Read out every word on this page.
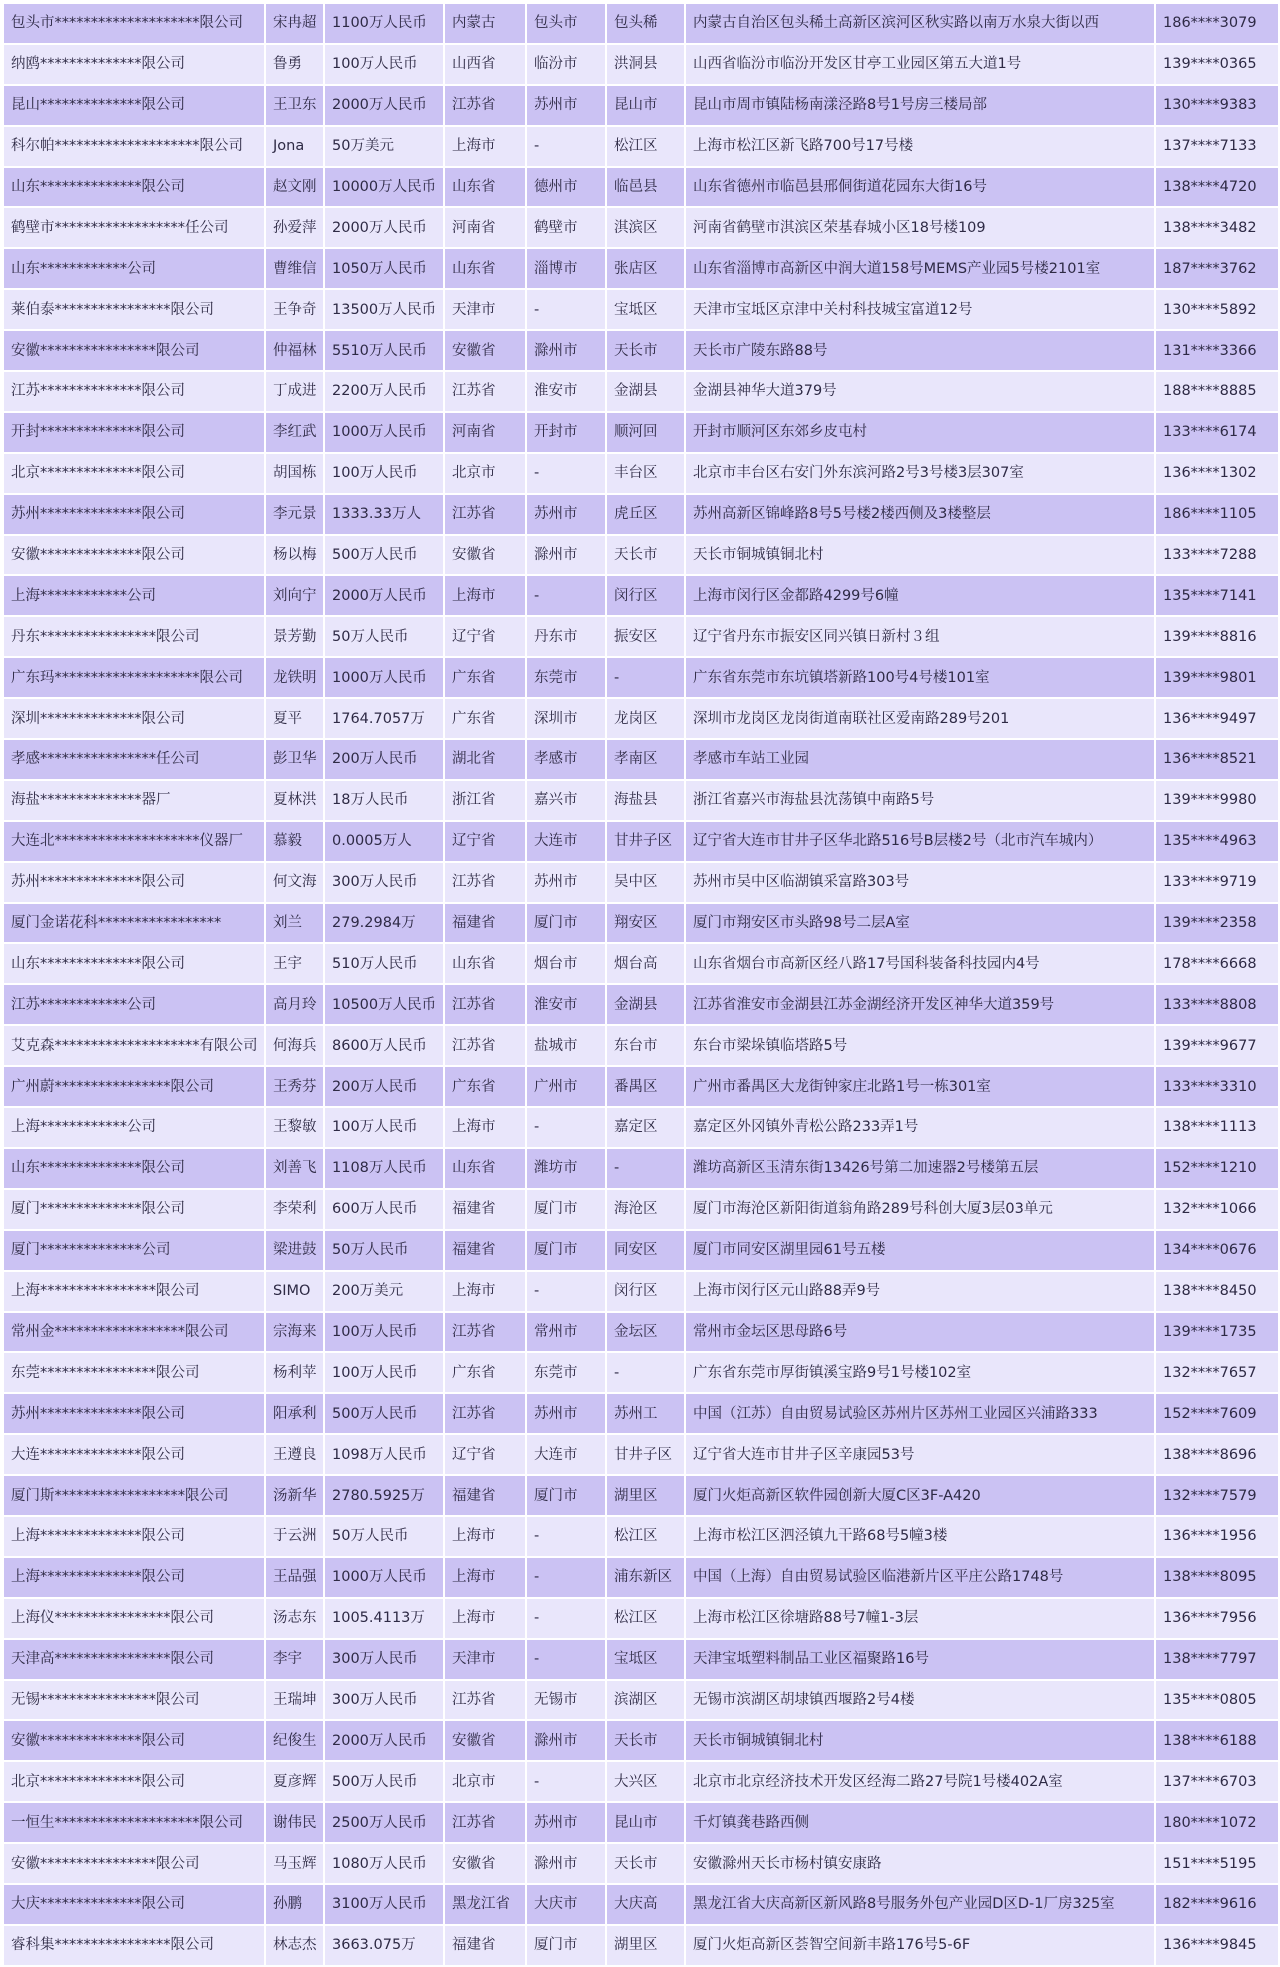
包头市********************限公司	宋冉超	1100万人民币	内蒙古	包头市	包头稀	内蒙古自治区包头稀土高新区滨河区秋实路以南万水泉大街以西	186****3079
纳鸥**************限公司	鲁勇	100万人民币	山西省	临汾市	洪洞县	山西省临汾市临汾开发区甘亭工业园区第五大道1号	139****0365
昆山**************限公司	王卫东	2000万人民币	江苏省	苏州市	昆山市	昆山市周市镇陆杨南漾泾路8号1号房三楼局部	130****9383
科尔帕********************限公司	Jona	50万美元	上海市	-	松江区	上海市松江区新飞路700号17号楼	137****7133
山东**************限公司	赵文刚	10000万人民币	山东省	德州市	临邑县	山东省德州市临邑县邢侗街道花园东大街16号	138****4720
鹤壁市******************任公司	孙爱萍	2000万人民币	河南省	鹤壁市	淇滨区	河南省鹤壁市淇滨区荣基春城小区18号楼109	138****3482
山东************公司	曹维信	1050万人民币	山东省	淄博市	张店区	山东省淄博市高新区中润大道158号MEMS产业园5号楼2101室	187****3762
莱伯泰****************限公司	王争奇	13500万人民币	天津市	-	宝坻区	天津市宝坻区京津中关村科技城宝富道12号	130****5892
安徽****************限公司	仲福林	5510万人民币	安徽省	滁州市	天长市	天长市广陵东路88号	131****3366
江苏**************限公司	丁成进	2200万人民币	江苏省	淮安市	金湖县	金湖县神华大道379号	188****8885
开封**************限公司	李红武	1000万人民币	河南省	开封市	顺河回	开封市顺河区东郊乡皮屯村	133****6174
北京**************限公司	胡国栋	100万人民币	北京市	-	丰台区	北京市丰台区右安门外东滨河路2号3号楼3层307室	136****1302
苏州**************限公司	李元景	1333.33万人	江苏省	苏州市	虎丘区	苏州高新区锦峰路8号5号楼2楼西侧及3楼整层	186****1105
安徽**************限公司	杨以梅	500万人民币	安徽省	滁州市	天长市	天长市铜城镇铜北村	133****7288
上海************公司	刘向宁	2000万人民币	上海市	-	闵行区	上海市闵行区金都路4299号6幢	135****7141
丹东****************限公司	景芳勤	50万人民币	辽宁省	丹东市	振安区	辽宁省丹东市振安区同兴镇日新村３组	139****8816
广东玛********************限公司	龙铁明	1000万人民币	广东省	东莞市	-	广东省东莞市东坑镇塔新路100号4号楼101室	139****9801
深圳**************限公司	夏平	1764.7057万	广东省	深圳市	龙岗区	深圳市龙岗区龙岗街道南联社区爱南路289号201	136****9497
孝感****************任公司	彭卫华	200万人民币	湖北省	孝感市	孝南区	孝感市车站工业园	136****8521
海盐**************器厂	夏林洪	18万人民币	浙江省	嘉兴市	海盐县	浙江省嘉兴市海盐县沈荡镇中南路5号	139****9980
大连北********************仪器厂	慕毅	0.0005万人	辽宁省	大连市	甘井子区	辽宁省大连市甘井子区华北路516号B层楼2号（北市汽车城内）	135****4963
苏州**************限公司	何文海	300万人民币	江苏省	苏州市	吴中区	苏州市吴中区临湖镇采富路303号	133****9719
厦门金诺花科*****************	刘兰	279.2984万	福建省	厦门市	翔安区	厦门市翔安区市头路98号二层A室	139****2358
山东**************限公司	王宇	510万人民币	山东省	烟台市	烟台高	山东省烟台市高新区经八路17号国科装备科技园内4号	178****6668
江苏************公司	高月玲	10500万人民币	江苏省	淮安市	金湖县	江苏省淮安市金湖县江苏金湖经济开发区神华大道359号	133****8808
艾克森********************有限公司	何海兵	8600万人民币	江苏省	盐城市	东台市	东台市梁垛镇临塔路5号	139****9677
广州蔚****************限公司	王秀芬	200万人民币	广东省	广州市	番禺区	广州市番禺区大龙街钟家庄北路1号一栋301室	133****3310
上海************公司	王黎敏	100万人民币	上海市	-	嘉定区	嘉定区外冈镇外青松公路233弄1号	138****1113
山东**************限公司	刘善飞	1108万人民币	山东省	潍坊市	-	潍坊高新区玉清东街13426号第二加速器2号楼第五层	152****1210
厦门**************限公司	李荣利	600万人民币	福建省	厦门市	海沧区	厦门市海沧区新阳街道翁角路289号科创大厦3层03单元	132****1066
厦门**************公司	梁进鼓	50万人民币	福建省	厦门市	同安区	厦门市同安区湖里园61号五楼	134****0676
上海****************限公司	SIMO	200万美元	上海市	-	闵行区	上海市闵行区元山路88弄9号	138****8450
常州金******************限公司	宗海来	100万人民币	江苏省	常州市	金坛区	常州市金坛区思母路6号	139****1735
东莞****************限公司	杨利苹	100万人民币	广东省	东莞市	-	广东省东莞市厚街镇溪宝路9号1号楼102室	132****7657
苏州**************限公司	阳承利	500万人民币	江苏省	苏州市	苏州工	中国（江苏）自由贸易试验区苏州片区苏州工业园区兴浦路333	152****7609
大连**************限公司	王遵良	1098万人民币	辽宁省	大连市	甘井子区	辽宁省大连市甘井子区辛康园53号	138****8696
厦门斯******************限公司	汤新华	2780.5925万	福建省	厦门市	湖里区	厦门火炬高新区软件园创新大厦C区3F-A420	132****7579
上海**************限公司	于云洲	50万人民币	上海市	-	松江区	上海市松江区泗泾镇九干路68号5幢3楼	136****1956
上海**************限公司	王品强	1000万人民币	上海市	-	浦东新区	中国（上海）自由贸易试验区临港新片区平庄公路1748号	138****8095
上海仪****************限公司	汤志东	1005.4113万	上海市	-	松江区	上海市松江区徐塘路88号7幢1-3层	136****7956
天津高****************限公司	李宇	300万人民币	天津市	-	宝坻区	天津宝坻塑料制品工业区福聚路16号	138****7797
无锡****************限公司	王瑞坤	300万人民币	江苏省	无锡市	滨湖区	无锡市滨湖区胡埭镇西堰路2号4楼	135****0805
安徽**************限公司	纪俊生	2000万人民币	安徽省	滁州市	天长市	天长市铜城镇铜北村	138****6188
北京**************限公司	夏彦辉	500万人民币	北京市	-	大兴区	北京市北京经济技术开发区经海二路27号院1号楼402A室	137****6703
一恒生********************限公司	谢伟民	2500万人民币	江苏省	苏州市	昆山市	千灯镇龚巷路西侧	180****1072
安徽****************限公司	马玉辉	1080万人民币	安徽省	滁州市	天长市	安徽滁州天长市杨村镇安康路	151****5195
大庆**************限公司	孙鹏	3100万人民币	黑龙江省	大庆市	大庆高	黑龙江省大庆高新区新风路8号服务外包产业园D区D-1厂房325室	182****9616
睿科集****************限公司	林志杰	3663.075万	福建省	厦门市	湖里区	厦门火炬高新区荟智空间新丰路176号5-6F	136****9845
